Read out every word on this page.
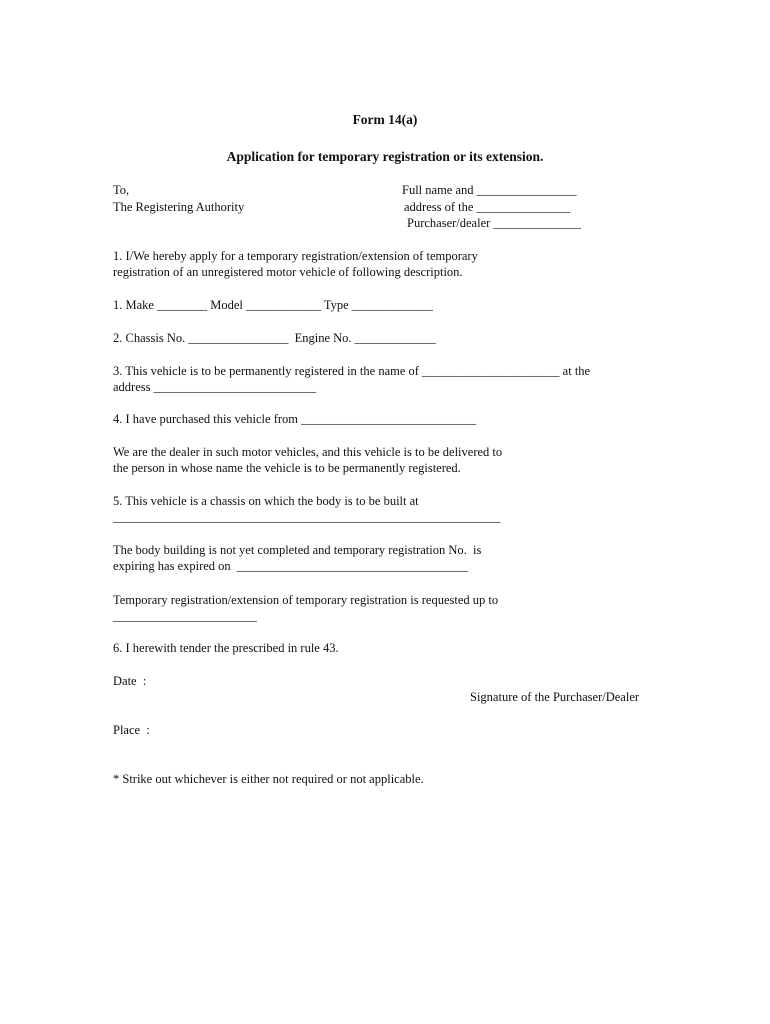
Form 14(a)
Application for temporary registration or its extension.
To,
The Registering Authority
Full name and ________________
address of the _______________
Purchaser/dealer ______________
1. I/We hereby apply for a temporary registration/extension of temporary
registration of an unregistered motor vehicle of following description.
1. Make ________ Model ____________ Type _____________
2. Chassis No. ________________  Engine No. _____________
3. This vehicle is to be permanently registered in the name of ______________________ at the
address __________________________
4. I have purchased this vehicle from ____________________________
We are the dealer in such motor vehicles, and this vehicle is to be delivered to
the person in whose name the vehicle is to be permanently registered.
5. This vehicle is a chassis on which the body is to be built at
______________________________________________________________
The body building is not yet completed and temporary registration No.  is
expiring has expired on  _____________________________________
Temporary registration/extension of temporary registration is requested up to
_______________________
6. I herewith tender the prescribed in rule 43.
Date  :
Signature of the Purchaser/Dealer
Place  :
* Strike out whichever is either not required or not applicable.
